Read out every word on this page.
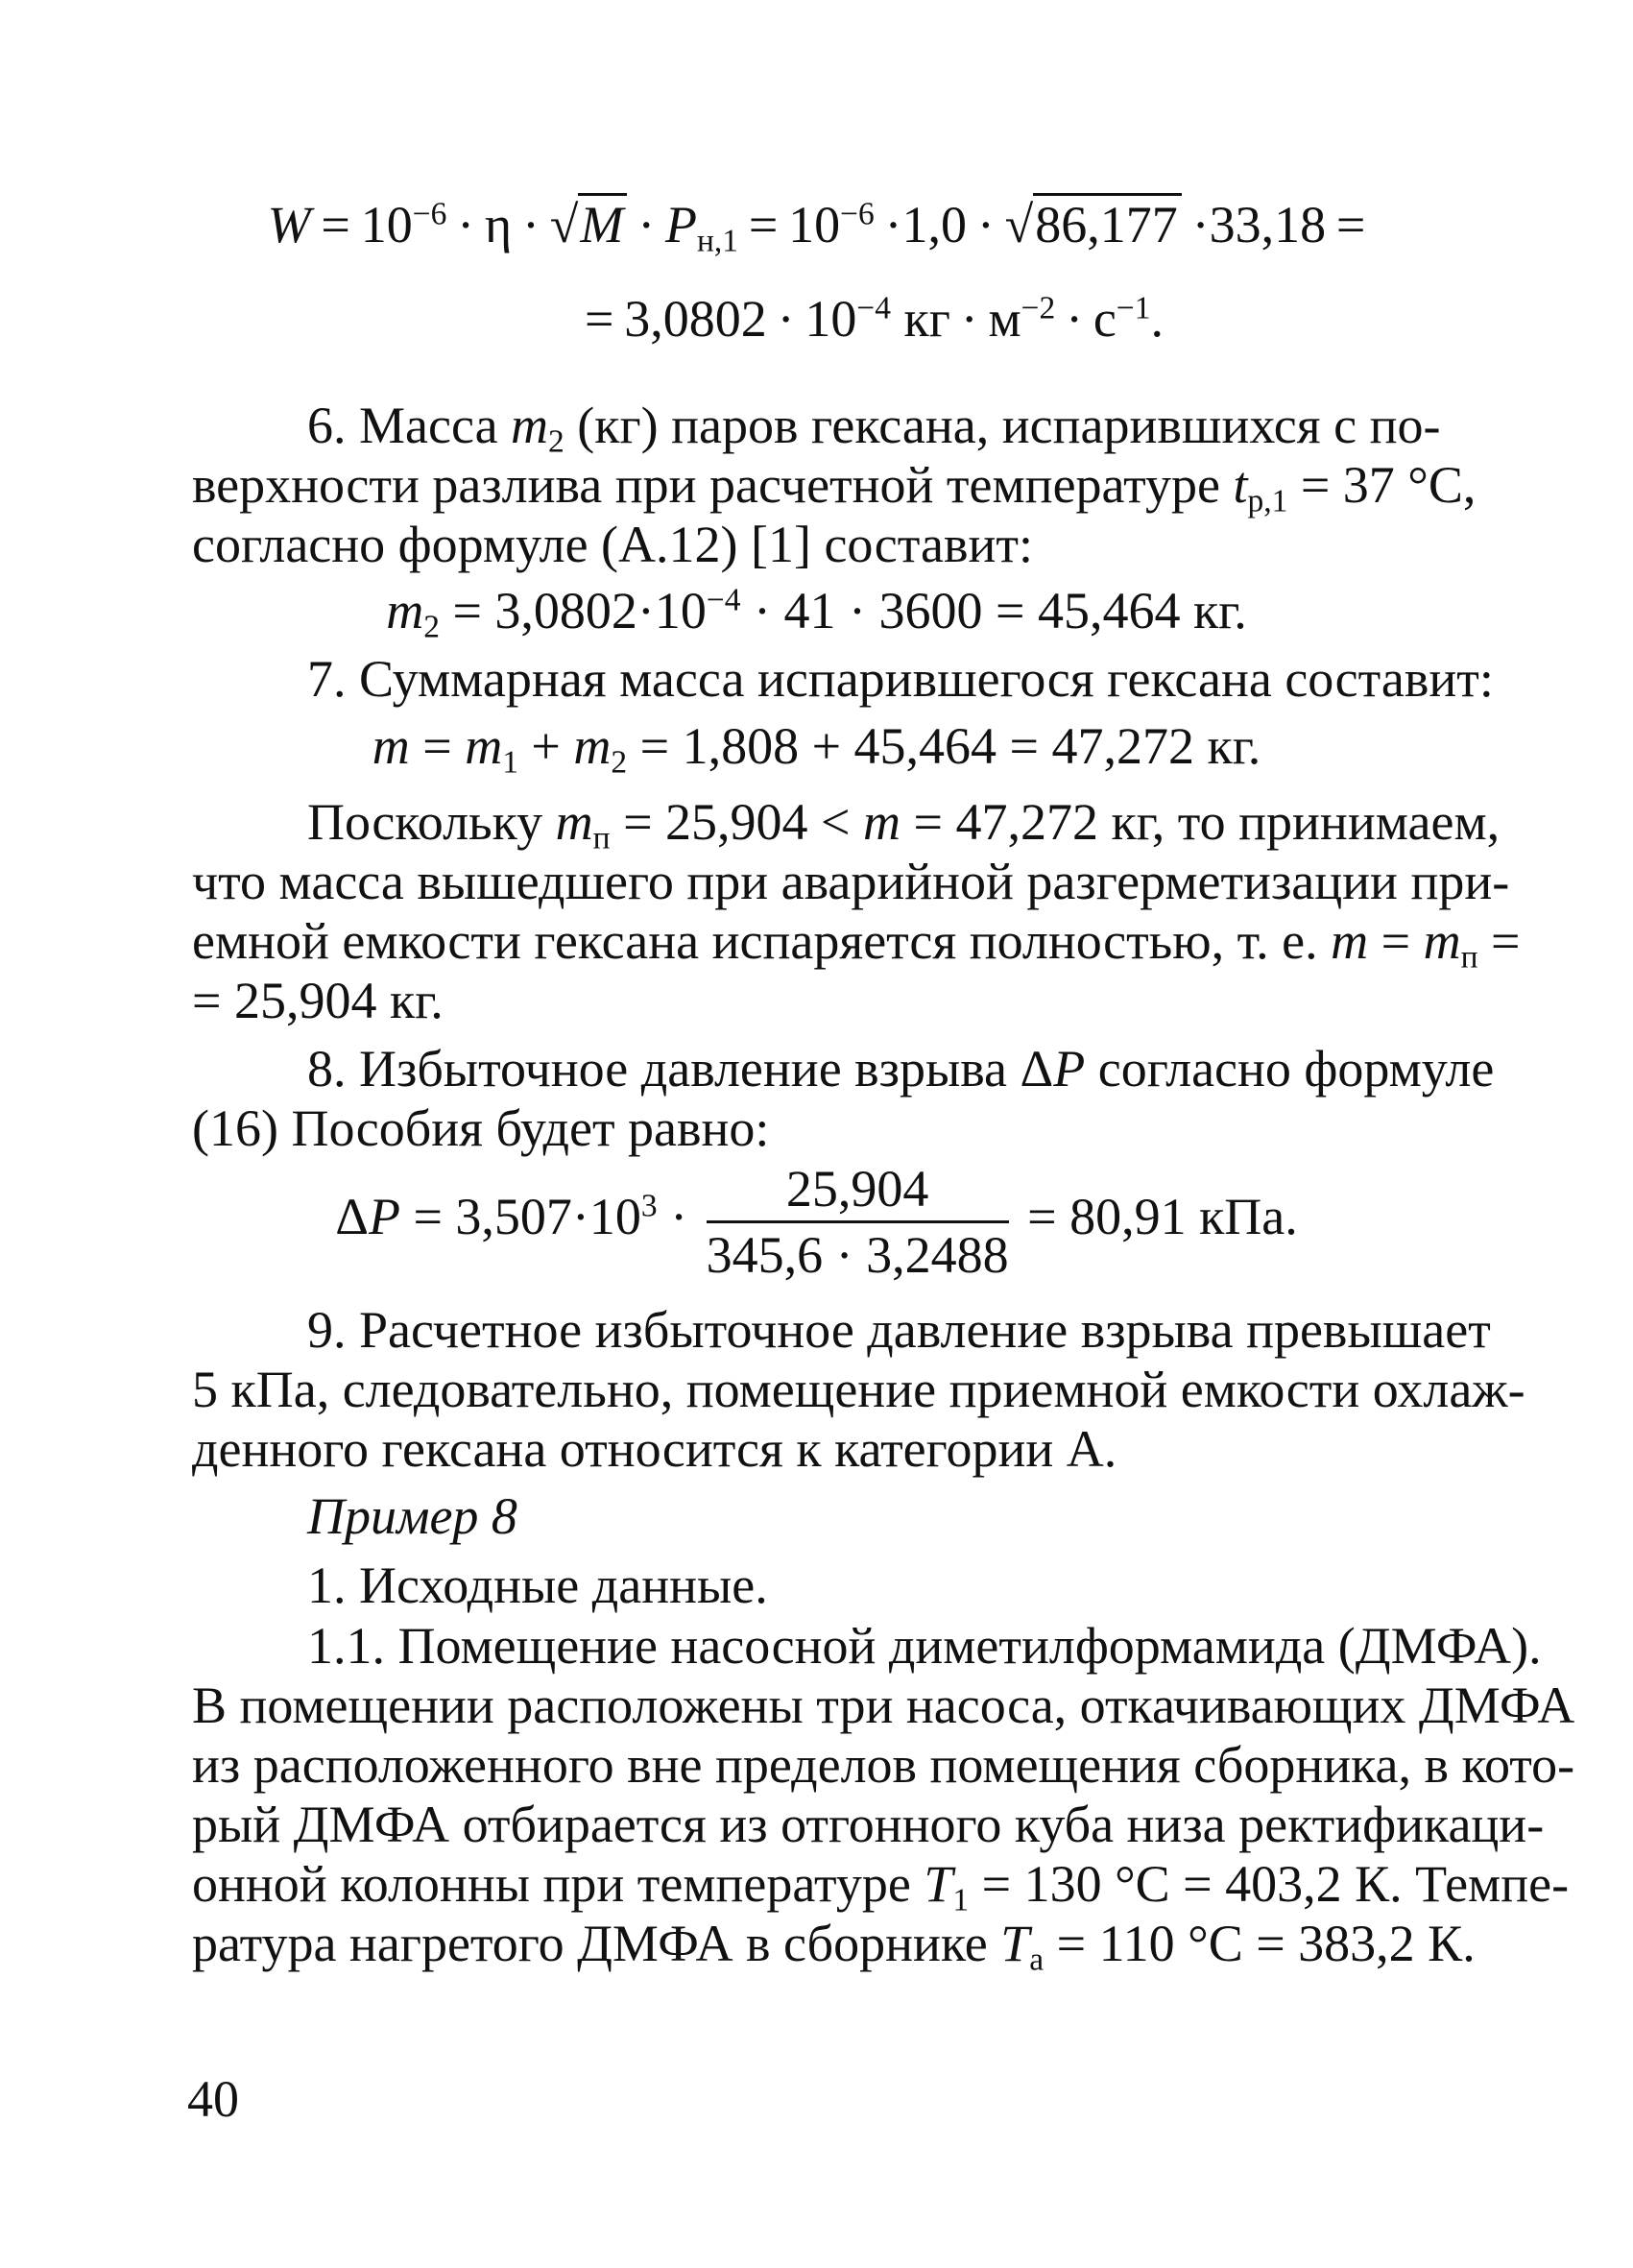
$W = 10^{-6} \cdot \eta \cdot √M \cdot P_{н,1} = 10^{-6} \cdot 1,0 \cdot √86,177 \cdot 33,18$ =
= $3,0802 \cdot 10^{-4}$ кг · $м^{-2} \cdot с^{-1}$.
6. Масса $m_2$ (кг) паров гексана, испарившихся с по-
верхности разлива при расчетной температуре $t_{р,1} = 37$ °С,
согласно формуле (А.12) [1] составит:
$m_2 = 3,0802\cdot 10^{-4} \cdot 41 \cdot 3600 = 45,464$ кг.
7. Суммарная масса испарившегося гексана составит:
$m = m_1 + m_2 = 1,808 + 45,464 = 47,272$ кг.
Поскольку $m_п = 25,904 < m = 47,272$ кг, то принимаем,
что масса вышедшего при аварийной разгерметизации при-
емной емкости гексана испаряется полностью, т. е. $m = m_п$ =
= 25,904 кг.
8. Избыточное давление взрыва ΔP согласно формуле
(16) Пособия будет равно:
$\Delta P = 3,507\cdot 10^3 \cdot \frac{25,904}{345,6 \cdot 3,2488} = 80,91$ кПа.
9. Расчетное избыточное давление взрыва превышает
5 кПа, следовательно, помещение приемной емкости охлаж-
денного гексана относится к категории А.
Пример 8
1. Исходные данные.
1.1. Помещение насосной диметилформамида (ДМФА).
В помещении расположены три насоса, откачивающих ДМФА
из расположенного вне пределов помещения сборника, в кото-
рый ДМФА отбирается из отгонного куба низа ректификаци-
онной колонны при температуре $T_1 = 130$ °С = 403,2 К. Темпе-
ратура нагретого ДМФА в сборнике $T_а = 110$ °С = 383,2 К.
40
